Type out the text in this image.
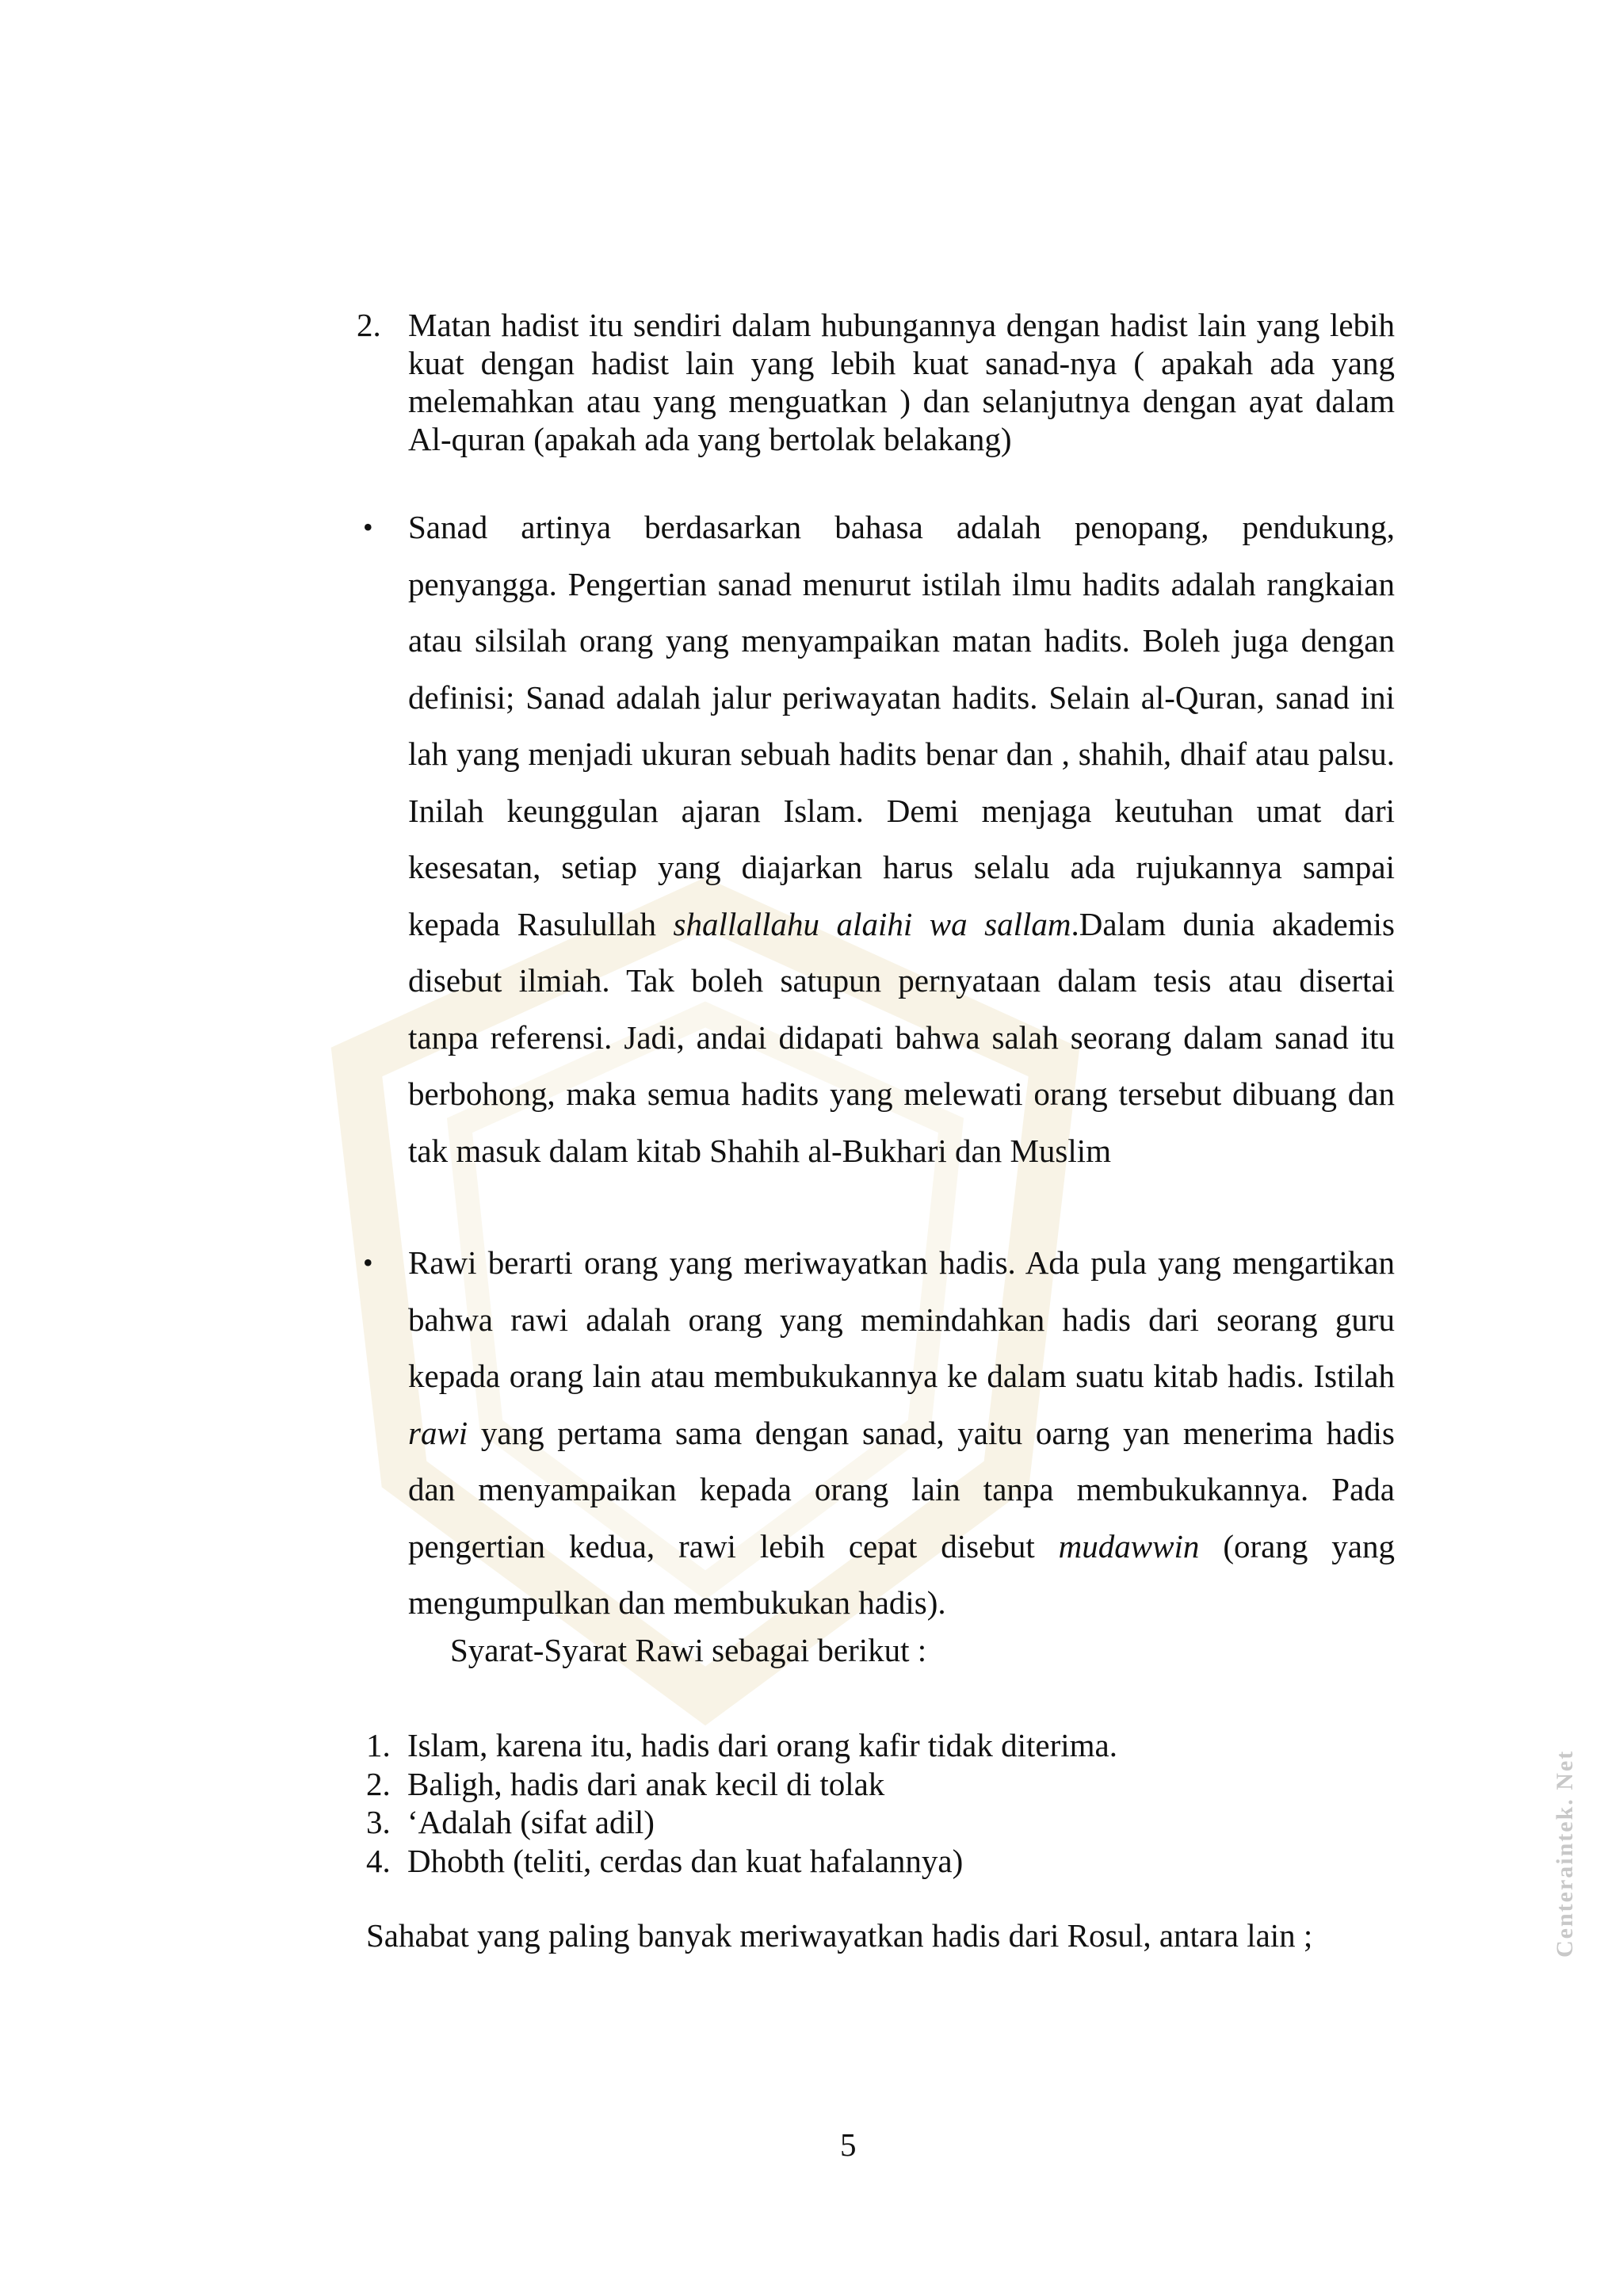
Centeraintek. Net
2. Matan hadist itu sendiri dalam hubungannya dengan hadist lain yang lebih kuat dengan hadist lain yang lebih kuat sanad-nya ( apakah ada yang melemahkan atau yang menguatkan ) dan selanjutnya dengan ayat dalam Al-quran (apakah ada yang bertolak belakang)
• Sanad artinya berdasarkan bahasa adalah penopang, pendukung, penyangga. Pengertian sanad menurut istilah ilmu hadits adalah rangkaian atau silsilah orang yang menyampaikan matan hadits. Boleh juga dengan definisi; Sanad adalah jalur periwayatan hadits. Selain al-Quran, sanad ini lah yang menjadi ukuran sebuah hadits benar dan , shahih, dhaif atau palsu. Inilah keunggulan ajaran Islam. Demi menjaga keutuhan umat dari kesesatan, setiap yang diajarkan harus selalu ada rujukannya sampai kepada Rasulullah shallallahu alaihi wa sallam.Dalam dunia akademis disebut ilmiah. Tak boleh satupun pernyataan dalam tesis atau disertai tanpa referensi. Jadi, andai didapati bahwa salah seorang dalam sanad itu berbohong, maka semua hadits yang melewati orang tersebut dibuang dan tak masuk dalam kitab Shahih al-Bukhari dan Muslim
• Rawi berarti orang yang meriwayatkan hadis. Ada pula yang mengartikan bahwa rawi adalah orang yang memindahkan hadis dari seorang guru kepada orang lain atau membukukannya ke dalam suatu kitab hadis. Istilah rawi yang pertama sama dengan sanad, yaitu oarng yan menerima hadis dan menyampaikan kepada orang lain tanpa membukukannya. Pada pengertian kedua, rawi lebih cepat disebut mudawwin (orang yang mengumpulkan dan membukukan hadis).
Syarat-Syarat Rawi sebagai berikut :
1. Islam, karena itu, hadis dari orang kafir tidak diterima.
2. Baligh, hadis dari anak kecil di tolak
3. ‘Adalah (sifat adil)
4. Dhobth (teliti, cerdas dan kuat hafalannya)
Sahabat yang paling banyak meriwayatkan hadis dari Rosul, antara lain ;
5
